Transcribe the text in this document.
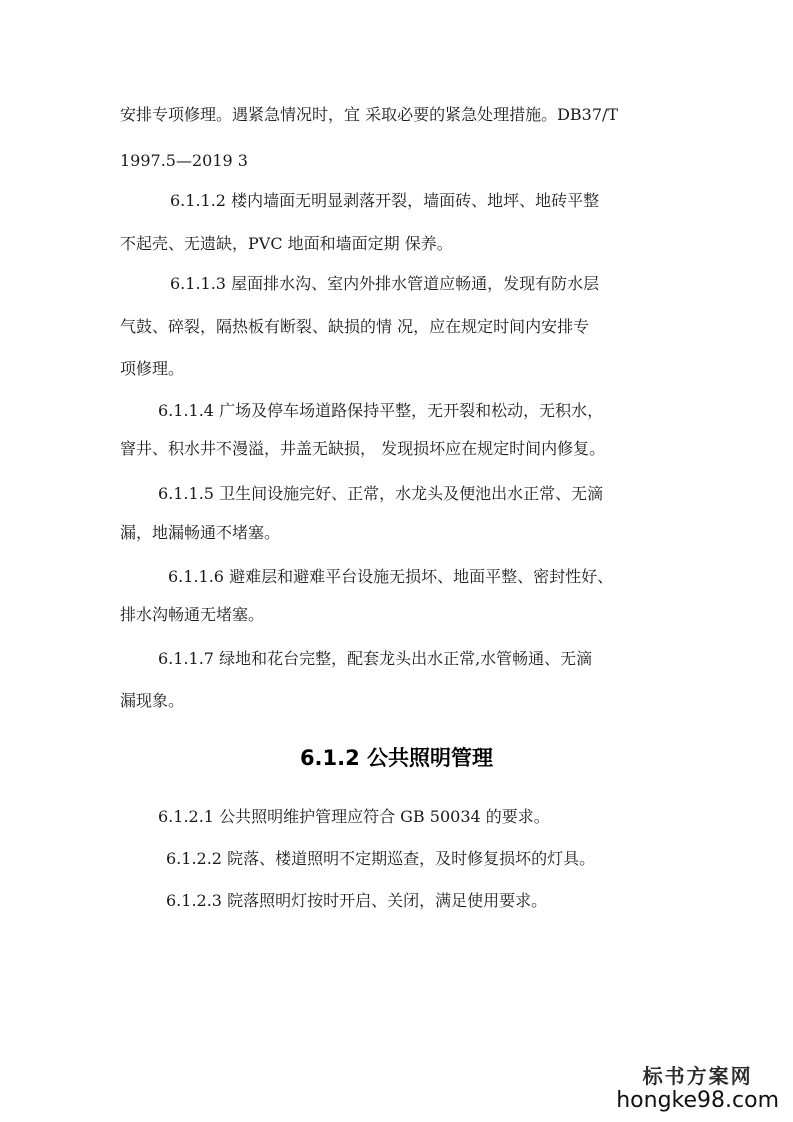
安排专项修理。遇紧急情况时，宜 采取必要的紧急处理措施。DB37/T
1997.5—2019 3
6.1.1.2 楼内墙面无明显剥落开裂，墙面砖、地坪、地砖平整
不起壳、无遗缺，PVC 地面和墙面定期 保养。
6.1.1.3 屋面排水沟、室内外排水管道应畅通，发现有防水层
气鼓、碎裂，隔热板有断裂、缺损的情 况，应在规定时间内安排专
项修理。
6.1.1.4 广场及停车场道路保持平整，无开裂和松动，无积水，
窨井、积水井不漫溢，井盖无缺损， 发现损坏应在规定时间内修复。
6.1.1.5 卫生间设施完好、正常，水龙头及便池出水正常、无滴
漏，地漏畅通不堵塞。
6.1.1.6 避难层和避难平台设施无损坏、地面平整、密封性好、
排水沟畅通无堵塞。
6.1.1.7 绿地和花台完整，配套龙头出水正常,水管畅通、无滴
漏现象。
6.1.2 公共照明管理
6.1.2.1 公共照明维护管理应符合 GB 50034 的要求。
6.1.2.2 院落、楼道照明不定期巡查，及时修复损坏的灯具。
6.1.2.3 院落照明灯按时开启、关闭，满足使用要求。
标书方案网
hongke98.com
